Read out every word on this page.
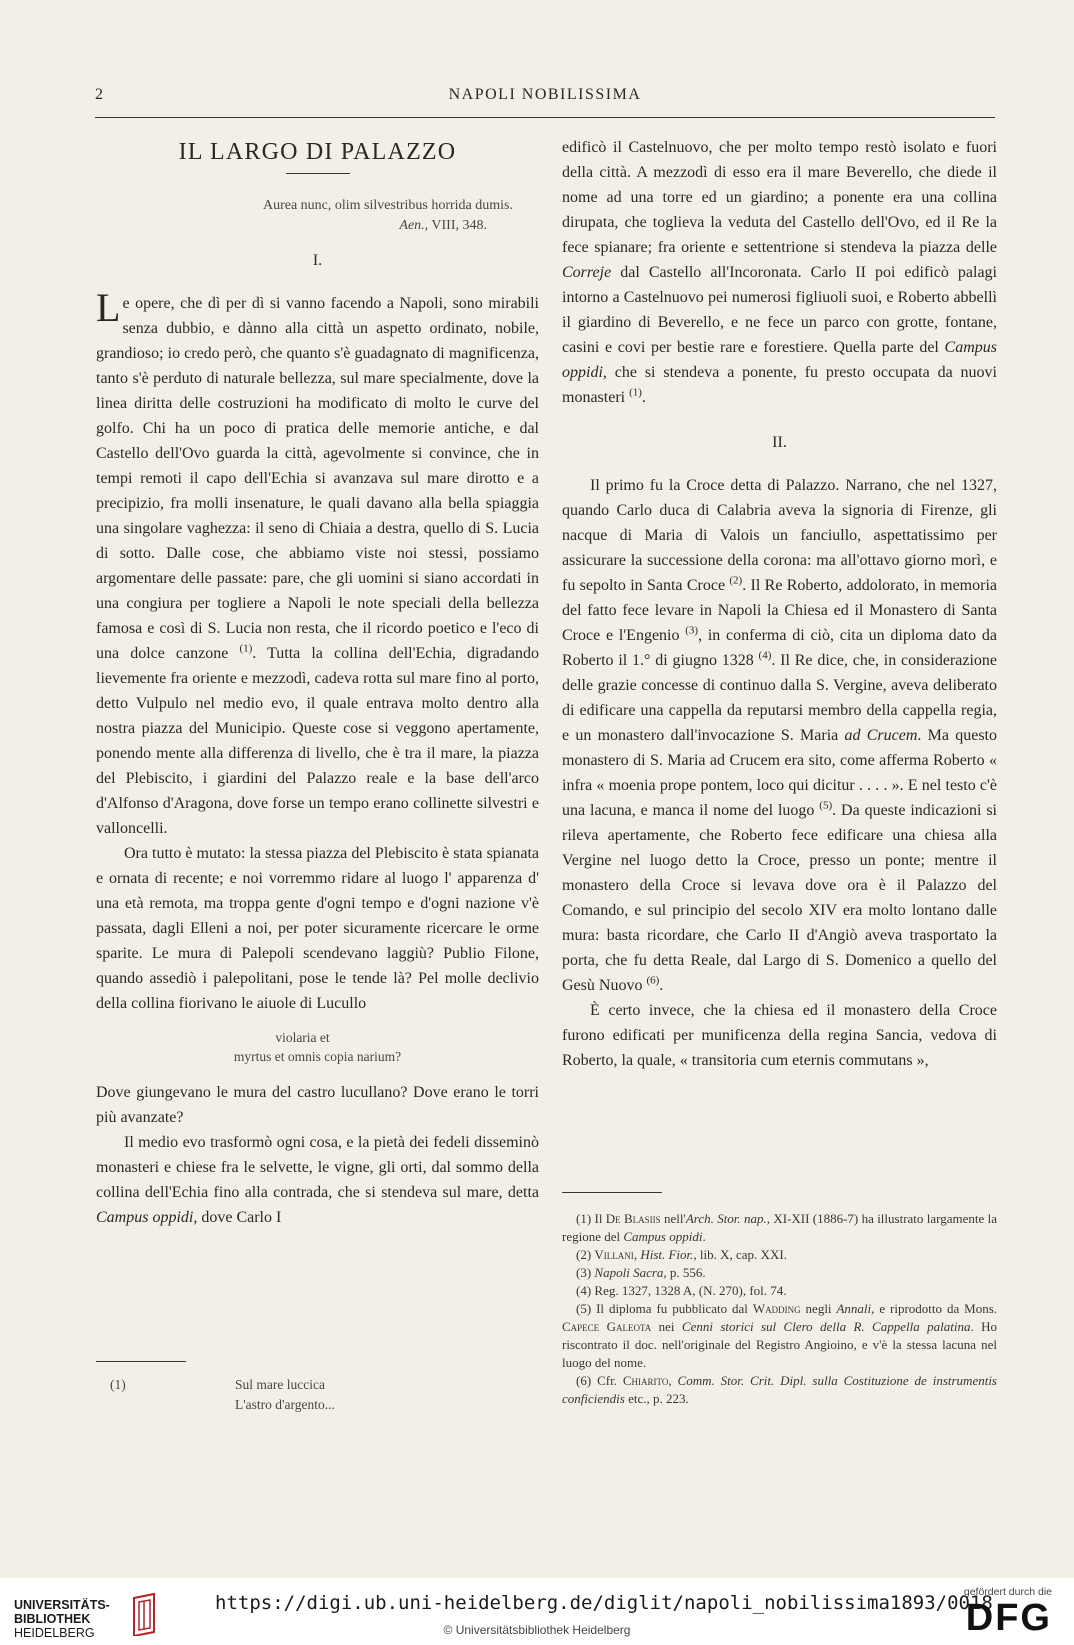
2	NAPOLI NOBILISSIMA
IL LARGO DI PALAZZO
Aurea nunc, olim silvestribus horrida dumis.
Aen., VIII, 348.
I.

Le opere, che dì per dì si vanno facendo a Napoli, sono mirabili senza dubbio, e dànno alla città un aspetto ordinato, nobile, grandioso; io credo però, che quanto s'è guadagnato di magnificenza, tanto s'è perduto di naturale bellezza, sul mare specialmente, dove la linea diritta delle costruzioni ha modificato di molto le curve del golfo. Chi ha un poco di pratica delle memorie antiche, e dal Castello dell'Ovo guarda la città, agevolmente si convince, che in tempi remoti il capo dell'Echia si avanzava sul mare dirotto e a precipizio, fra molli insenature, le quali davano alla bella spiaggia una singolare vaghezza: il seno di Chiaia a destra, quello di S. Lucia di sotto. Dalle cose, che abbiamo viste noi stessi, possiamo argomentare delle passate: pare, che gli uomini si siano accordati in una congiura per togliere a Napoli le note speciali della bellezza famosa e così di S. Lucia non resta, che il ricordo poetico e l'eco di una dolce canzone $^{(1)}$. Tutta la collina dell'Echia, digradando lievemente fra oriente e mezzodì, cadeva rotta sul mare fino al porto, detto Vulpulo nel medio evo, il quale entrava molto dentro alla nostra piazza del Municipio. Queste cose si veggono apertamente, ponendo mente alla differenza di livello, che è tra il mare, la piazza del Plebiscito, i giardini del Palazzo reale e la base dell'arco d'Alfonso d'Aragona, dove forse un tempo erano collinette silvestri e valloncelli.

Ora tutto è mutato: la stessa piazza del Plebiscito è stata spianata e ornata di recente; e noi vorremmo ridare al luogo l' apparenza d' una età remota, ma troppa gente d'ogni tempo e d'ogni nazione v'è passata, dagli Elleni a noi, per poter sicuramente ricercare le orme sparite. Le mura di Palepoli scendevano laggiù? Publio Filone, quando assediò i palepolitani, pose le tende là? Pel molle declivio della collina fiorivano le aiuole di Lucullo

violaria et
myrtus et omnis copia narium?

Dove giungevano le mura del castro lucullano? Dove erano le torri più avanzate?

Il medio evo trasformò ogni cosa, e la pietà dei fedeli disseminò monasteri e chiese fra le selvette, le vigne, gli orti, dal sommo della collina dell'Echia fino alla contrada, che si stendeva sul mare, detta Campus oppidi, dove Carlo I

(1)	Sul mare luccica
L'astro d'argento...

edificò il Castelnuovo, che per molto tempo restò isolato e fuori della città. A mezzodì di esso era il mare Beverello, che diede il nome ad una torre ed un giardino; a ponente era una collina dirupata, che toglieva la veduta del Castello dell'Ovo, ed il Re la fece spianare; fra oriente e settentrione si stendeva la piazza delle Correje dal Castello all'Incoronata. Carlo II poi edificò palagi intorno a Castelnuovo pei numerosi figliuoli suoi, e Roberto abbellì il giardino di Beverello, e ne fece un parco con grotte, fontane, casini e covi per bestie rare e forestiere. Quella parte del Campus oppidi, che si stendeva a ponente, fu presto occupata da nuovi monasteri $^{(1)}$.

II.

Il primo fu la Croce detta di Palazzo. Narrano, che nel 1327, quando Carlo duca di Calabria aveva la signoria di Firenze, gli nacque di Maria di Valois un fanciullo, aspettatissimo per assicurare la successione della corona: ma all'ottavo giorno morì, e fu sepolto in Santa Croce $^{(2)}$. Il Re Roberto, addolorato, in memoria del fatto fece levare in Napoli la Chiesa ed il Monastero di Santa Croce e l'Engenio $^{(3)}$, in conferma di ciò, cita un diploma dato da Roberto il 1.° di giugno 1328 $^{(4)}$. Il Re dice, che, in considerazione delle grazie concesse di continuo dalla S. Vergine, aveva deliberato di edificare una cappella da reputarsi membro della cappella regia, e un monastero dall'invocazione S. Maria ad Crucem. Ma questo monastero di S. Maria ad Crucem era sito, come afferma Roberto « infra « moenia prope pontem, loco qui dicitur . . . . ». E nel testo c'è una lacuna, e manca il nome del luogo $^{(5)}$. Da queste indicazioni si rileva apertamente, che Roberto fece edificare una chiesa alla Vergine nel luogo detto la Croce, presso un ponte; mentre il monastero della Croce si levava dove ora è il Palazzo del Comando, e sul principio del secolo XIV era molto lontano dalle mura: basta ricordare, che Carlo II d'Angiò aveva trasportato la porta, che fu detta Reale, dal Largo di S. Domenico a quello del Gesù Nuovo $^{(6)}$.

È certo invece, che la chiesa ed il monastero della Croce furono edificati per munificenza della regina Sancia, vedova di Roberto, la quale, « transitoria cum eternis commutans »,

(1) Il De Blasiis nell'Arch. Stor. nap., XI-XII (1886-7) ha illustrato largamente la regione del Campus oppidi.

(2) Villani, Hist. Fior., lib. X, cap. XXI.

(3) Napoli Sacra, p. 556.

(4) Reg. 1327, 1328 A, (N. 270), fol. 74.

(5) Il diploma fu pubblicato dal Wadding negli Annali, e riprodotto da Mons. Capece Galeota nei Cenni storici sul Clero della R. Cappella palatina. Ho riscontrato il doc. nell'originale del Registro Angioino, e v'è la stessa lacuna nel luogo del nome.

(6) Cfr. Chiarito, Comm. Stor. Crit. Dipl. sulla Costituzione de instrumentis conficiendis etc., p. 223.

UNIVERSITÄTS-
BIBLIOTHEK
HEIDELBERG
https://digi.ub.uni-heidelberg.de/diglit/napoli_nobilissima1893/0018
© Universitätsbibliothek Heidelberg
gefördert durch die
DFG
